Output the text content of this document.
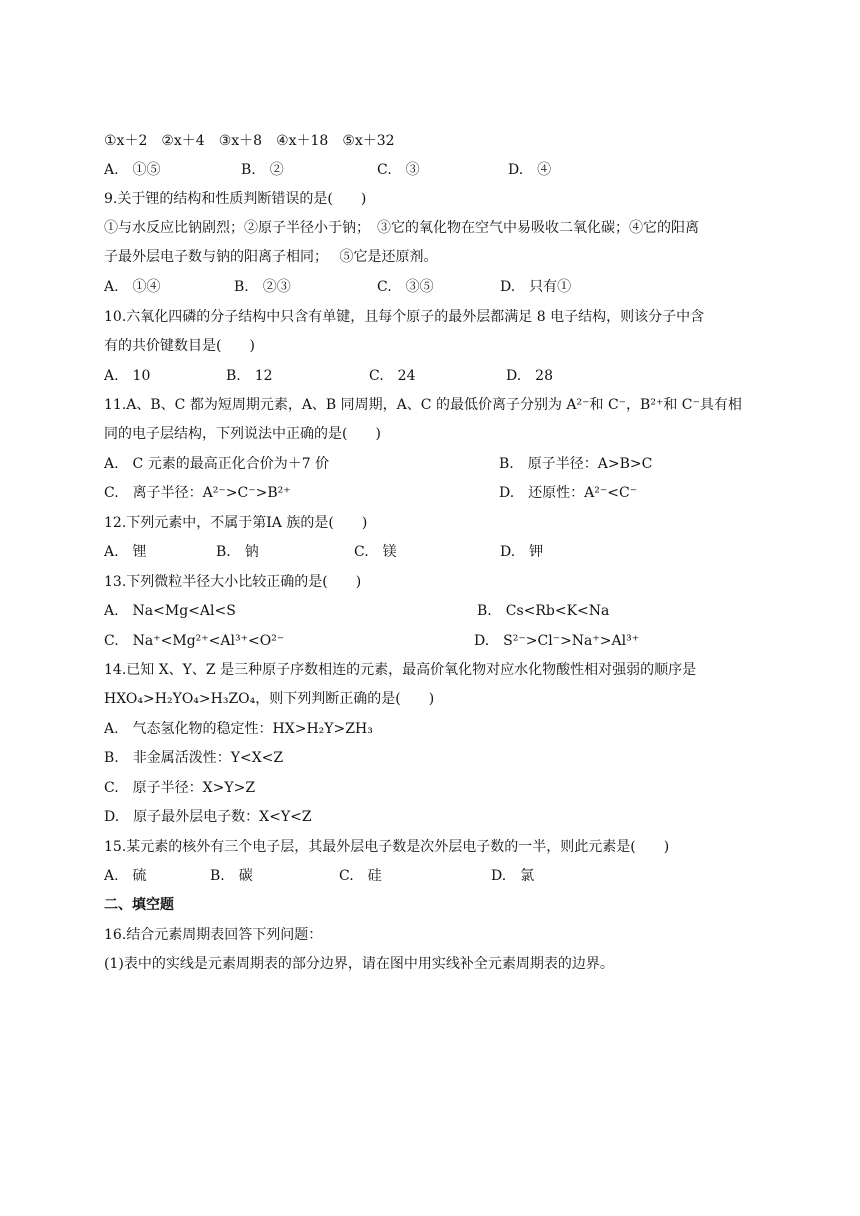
①x＋2　②x＋4　③x＋8　④x＋18　⑤x＋32
A.　①⑤	B.　②	C.　③	D.　④
9.关于锂的结构和性质判断错误的是(　　)
①与水反应比钠剧烈；②原子半径小于钠；　③它的氧化物在空气中易吸收二氧化碳；④它的阳离
子最外层电子数与钠的阳离子相同；　 ⑤它是还原剂。
A.　①④	B.　②③	C.　③⑤	D.　只有①
10.六氧化四磷的分子结构中只含有单键，且每个原子的最外层都满足 8 电子结构，则该分子中含
有的共价键数目是(　　)
A.　10	B.　12	C.　24	D.　28
11.A、B、C 都为短周期元素，A、B 同周期，A、C 的最低价离子分别为 A²⁻和 C⁻，B²⁺和 C⁻具有相
同的电子层结构，下列说法中正确的是(　　)
A.　C 元素的最高正化合价为＋7 价	B.　原子半径：A>B>C
C.　离子半径：A²⁻>C⁻>B²⁺	D.　还原性：A²⁻<C⁻
12.下列元素中，不属于第ⅠA 族的是(　　)
A.　锂	B.　钠	C.　镁	D.　钾
13.下列微粒半径大小比较正确的是(　　)
A.　Na<Mg<Al<S	B.　Cs<Rb<K<Na
C.　Na⁺<Mg²⁺<Al³⁺<O²⁻	D.　S²⁻>Cl⁻>Na⁺>Al³⁺
14.已知 X、Y、Z 是三种原子序数相连的元素，最高价氧化物对应水化物酸性相对强弱的顺序是
HXO₄>H₂YO₄>H₃ZO₄，则下列判断正确的是(　　)
A.　气态氢化物的稳定性：HX>H₂Y>ZH₃
B.　非金属活泼性：Y<X<Z
C.　原子半径：X>Y>Z
D.　原子最外层电子数：X<Y<Z
15.某元素的核外有三个电子层，其最外层电子数是次外层电子数的一半，则此元素是(　　)
A.　硫	B.　碳	C.　硅	D.　氯
二、填空题
16.结合元素周期表回答下列问题：
(1)表中的实线是元素周期表的部分边界，请在图中用实线补全元素周期表的边界。
